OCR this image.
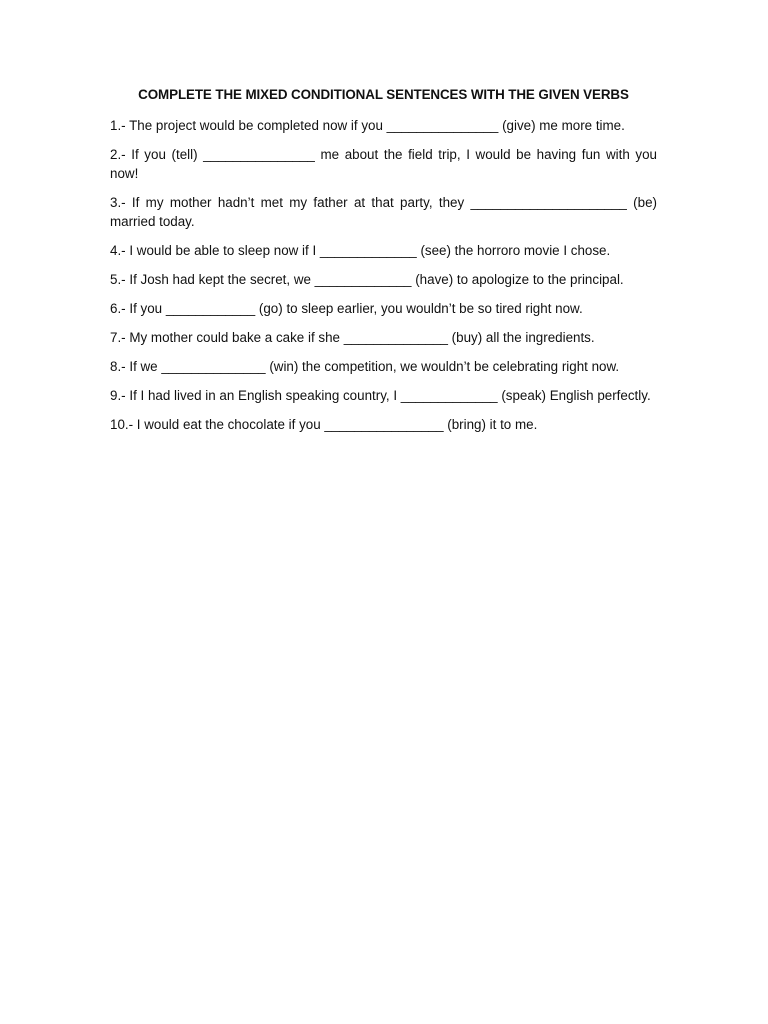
COMPLETE THE MIXED CONDITIONAL SENTENCES WITH THE GIVEN VERBS
1.- The project would be completed now if you _______________ (give) me more time.
2.- If you (tell) _______________ me about the field trip, I would be having fun with you now!
3.- If my mother hadn’t met my father at that party, they _____________________ (be) married today.
4.- I would be able to sleep now if I _____________ (see) the horroro movie I chose.
5.- If Josh had kept the secret, we _____________ (have) to apologize to the principal.
6.- If you ____________ (go) to sleep earlier, you wouldn’t be so tired right now.
7.- My mother could bake a cake if she ______________ (buy) all the ingredients.
8.- If we ______________ (win) the competition, we wouldn’t be celebrating right now.
9.- If I had lived in an English speaking country, I _____________ (speak) English perfectly.
10.- I would eat the chocolate if you ________________ (bring) it to me.
